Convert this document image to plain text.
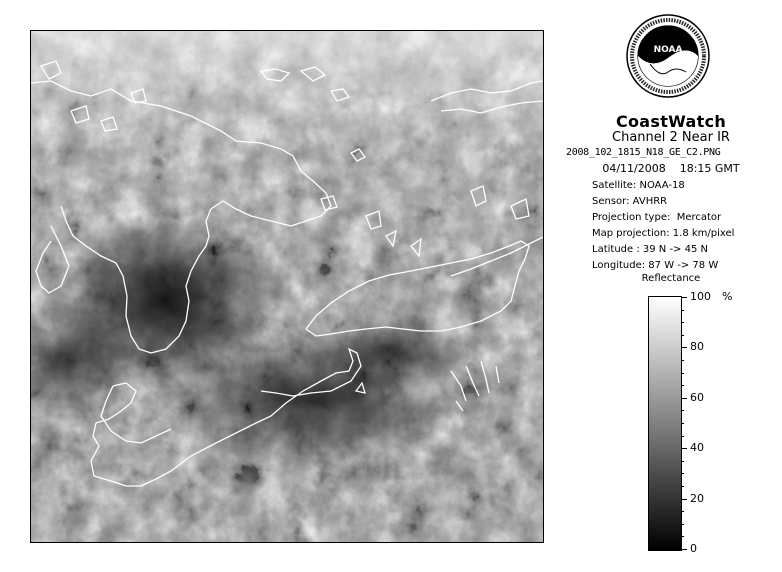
NOAA
CoastWatch
Channel 2 Near IR
2008_102_1815_N18_GE_C2.PNG
04/11/2008    18:15 GMT
Satellite: NOAA-18
Sensor: AVHRR
Projection type:  Mercator
Map projection: 1.8 km/pixel
Latitude : 39 N -> 45 N
Longitude: 87 W -> 78 W
Reflectance
%
100
80
60
40
20
0
